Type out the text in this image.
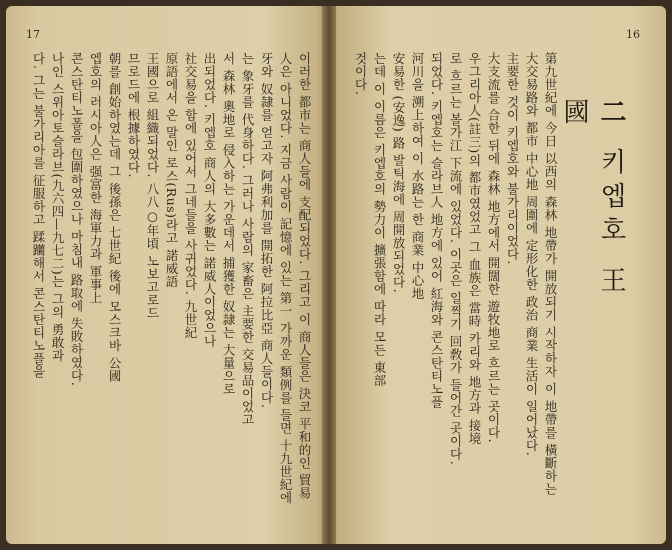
17	16
이러한 都市는 商人들에 支配되었다. 그리고 이 商人들은 決코 平和的인 貿易
人은 아니었다. 지금 사람이 記憶에 있는 第一 가까운 類例를 들면 十九世紀에
牙와 奴隷를 얻고자 阿弗利加를 開拓한 阿拉比亞 商人들이다.
는 象牙를 代身하다. 그러나 사람의 家畜은 主要한 交易品이었고
서 森林 奧地로 侵入하는 가운데서 捕獲한 奴隷는 大量으로
出되었다. 키엡호 商人의 大多數는 諾威人이었으나
社交易을 함에 있어서 그네들을 사귀었다. 九世紀
原語에서 온 말인 로스(Rus)라고 諾威語
王國으로 組織되었다. 八八○年頃 노보고로드
므로드에 根據하였다.
朝를 創始하였는데 그 後孫은 七世紀 後에 모스크바 公國
엡호의 러시아人은 强富한 海軍力과 軍事上
콘스탄티노폴을 包圍하였으나 마침내 路取에 失敗하였다.
나인 스위아토슬라브(九六四—九七二)는 그의 勇敢과
다. 그는 불가리아를 征服하고 蹂躪해서 콘스탄티노플을	二 키엡호 王國
第九世紀에 今日 以西의 森林 地帶가 開放되기 시작하자 이 地帶를 橫斷하는
大交易路와 都市 中心地 周圍에 定形化한 政治 商業 生活이 일어났다.
主要한 것이 키엡호와 불가리이었다.
大支流를 合한 뒤에 森林 地方에서 開闊한 遊牧地로 흐르는 곳이다.
우그리아人(註三)의 都市였었고 그 血族은 當時 카리와 地方과 接境
로 흐르는 볼가江 下流에 있었다. 이곳은 일찍기 回敎가 들어간 곳이다.
되었다. 키엡호는 슬라브人 地方에 있어 紅海와 콘스탄티노플
河川을 溯上하여 이 水路는 한 商業 中心地
安易한 (安逸) 路 발틱海에 周開放되었다.
는데 이 이름은 키엡호의 勢力이 擴張함에 따라 모든 東部
것이다.
